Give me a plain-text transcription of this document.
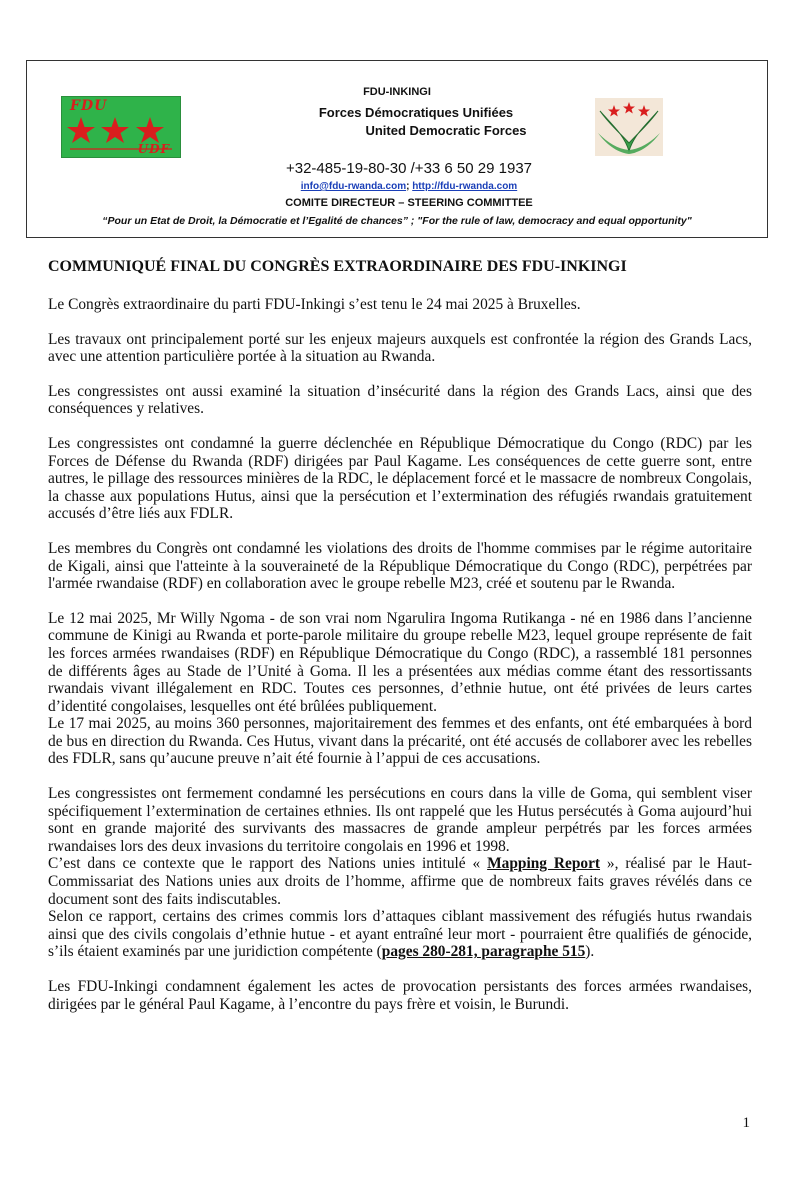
FDU
UDF
FDU-INKINGI
Forces Démocratiques Unifiées
United Democratic Forces
+32-485-19-80-30 /+33 6 50 29 1937
info@fdu-rwanda.com; http://fdu-rwanda.com
COMITE DIRECTEUR – STEERING COMMITTEE
“Pour un Etat de Droit, la Démocratie et l’Egalité de chances” ; "For the rule of law, democracy and equal opportunity"
COMMUNIQUÉ FINAL DU CONGRÈS EXTRAORDINAIRE DES FDU-INKINGI

Le Congrès extraordinaire du parti FDU-Inkingi s’est tenu le 24 mai 2025 à Bruxelles.

Les travaux ont principalement porté sur les enjeux majeurs auxquels est confrontée la région des Grands Lacs, avec une attention particulière portée à la situation au Rwanda.

Les congressistes ont aussi examiné la situation d’insécurité dans la région des Grands Lacs, ainsi que des conséquences y relatives.

Les congressistes ont condamné la guerre déclenchée en République Démocratique du Congo (RDC) par les Forces de Défense du Rwanda (RDF) dirigées par Paul Kagame. Les conséquences de cette guerre sont, entre autres, le pillage des ressources minières de la RDC, le déplacement forcé et le massacre de nombreux Congolais, la chasse aux populations Hutus, ainsi que la persécution et l’extermination des réfugiés rwandais gratuitement accusés d’être liés aux FDLR.

Les membres du Congrès ont condamné les violations des droits de l'homme commises par le régime autoritaire de Kigali, ainsi que l'atteinte à la souveraineté de la République Démocratique du Congo (RDC), perpétrées par l'armée rwandaise (RDF) en collaboration avec le groupe rebelle M23, créé et soutenu par le Rwanda.

Le 12 mai 2025, Mr Willy Ngoma - de son vrai nom Ngarulira Ingoma Rutikanga - né en 1986 dans l’ancienne commune de Kinigi au Rwanda et porte-parole militaire du groupe rebelle M23, lequel groupe représente de fait les forces armées rwandaises (RDF) en République Démocratique du Congo (RDC), a rassemblé 181 personnes de différents âges au Stade de l’Unité à Goma. Il les a présentées aux médias comme étant des ressortissants rwandais vivant illégalement en RDC. Toutes ces personnes, d’ethnie hutue, ont été privées de leurs cartes d’identité congolaises, lesquelles ont été brûlées publiquement.

Le 17 mai 2025, au moins 360 personnes, majoritairement des femmes et des enfants, ont été embarquées à bord de bus en direction du Rwanda. Ces Hutus, vivant dans la précarité, ont été accusés de collaborer avec les rebelles des FDLR, sans qu’aucune preuve n’ait été fournie à l’appui de ces accusations.

Les congressistes ont fermement condamné les persécutions en cours dans la ville de Goma, qui semblent viser spécifiquement l’extermination de certaines ethnies. Ils ont rappelé que les Hutus persécutés à Goma aujourd’hui sont en grande majorité des survivants des massacres de grande ampleur perpétrés par les forces armées rwandaises lors des deux invasions du territoire congolais en 1996 et 1998.

C’est dans ce contexte que le rapport des Nations unies intitulé « Mapping Report », réalisé par le Haut-Commissariat des Nations unies aux droits de l’homme, affirme que de nombreux faits graves révélés dans ce document sont des faits indiscutables.

Selon ce rapport, certains des crimes commis lors d’attaques ciblant massivement des réfugiés hutus rwandais ainsi que des civils congolais d’ethnie hutue - et ayant entraîné leur mort - pourraient être qualifiés de génocide, s’ils étaient examinés par une juridiction compétente (pages 280-281, paragraphe 515).

Les FDU-Inkingi condamnent également les actes de provocation persistants des forces armées rwandaises, dirigées par le général Paul Kagame, à l’encontre du pays frère et voisin, le Burundi.

1
